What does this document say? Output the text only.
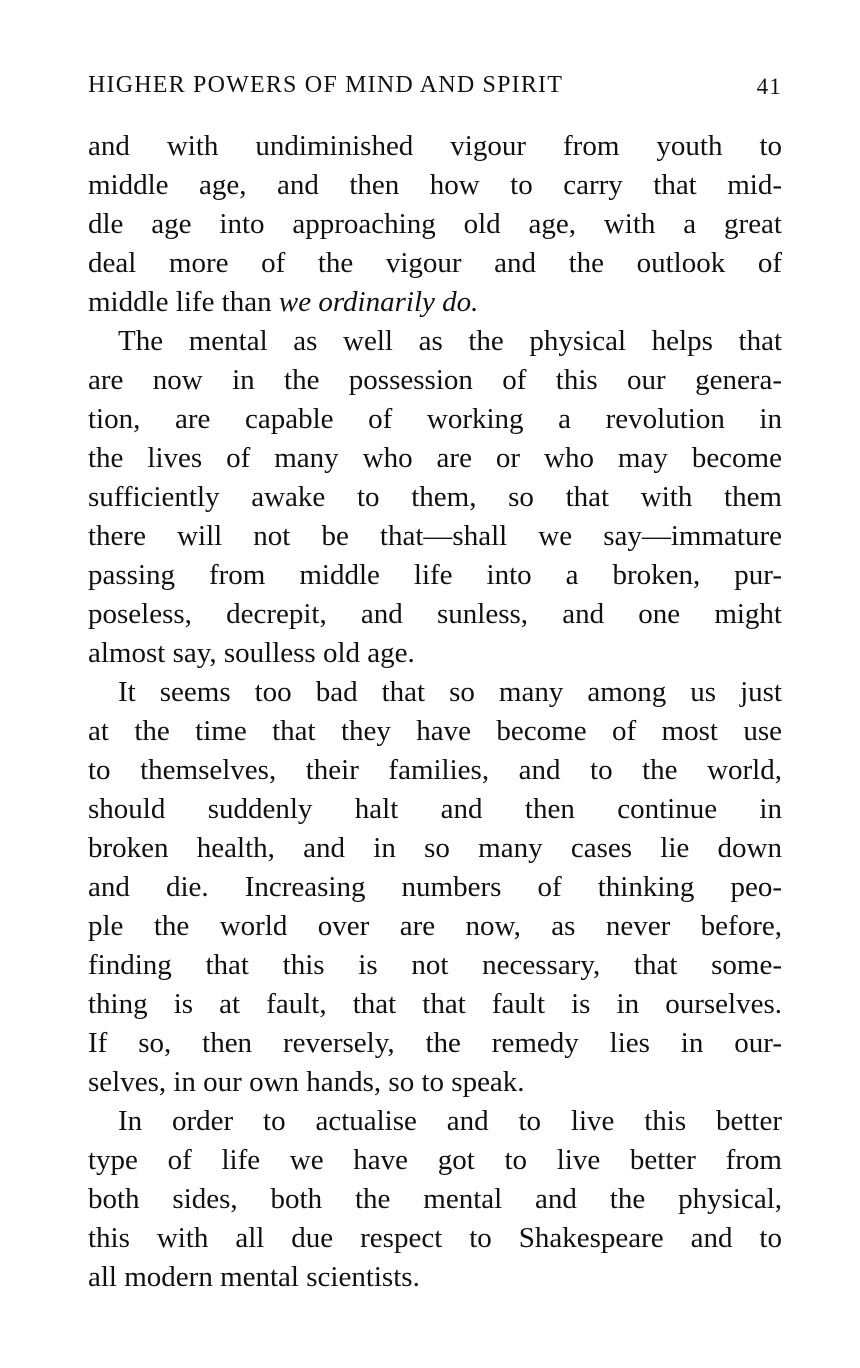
HIGHER POWERS OF MIND AND SPIRIT	41
and with undiminished vigour from youth to
middle age, and then how to carry that mid-
dle age into approaching old age, with a great
deal more of the vigour and the outlook of
middle life than we ordinarily do.
The mental as well as the physical helps that
are now in the possession of this our genera-
tion, are capable of working a revolution in
the lives of many who are or who may become
sufficiently awake to them, so that with them
there will not be that—shall we say—immature
passing from middle life into a broken, pur-
poseless, decrepit, and sunless, and one might
almost say, soulless old age.
It seems too bad that so many among us just
at the time that they have become of most use
to themselves, their families, and to the world,
should suddenly halt and then continue in
broken health, and in so many cases lie down
and die. Increasing numbers of thinking peo-
ple the world over are now, as never before,
finding that this is not necessary, that some-
thing is at fault, that that fault is in ourselves.
If so, then reversely, the remedy lies in our-
selves, in our own hands, so to speak.
In order to actualise and to live this better
type of life we have got to live better from
both sides, both the mental and the physical,
this with all due respect to Shakespeare and to
all modern mental scientists.
